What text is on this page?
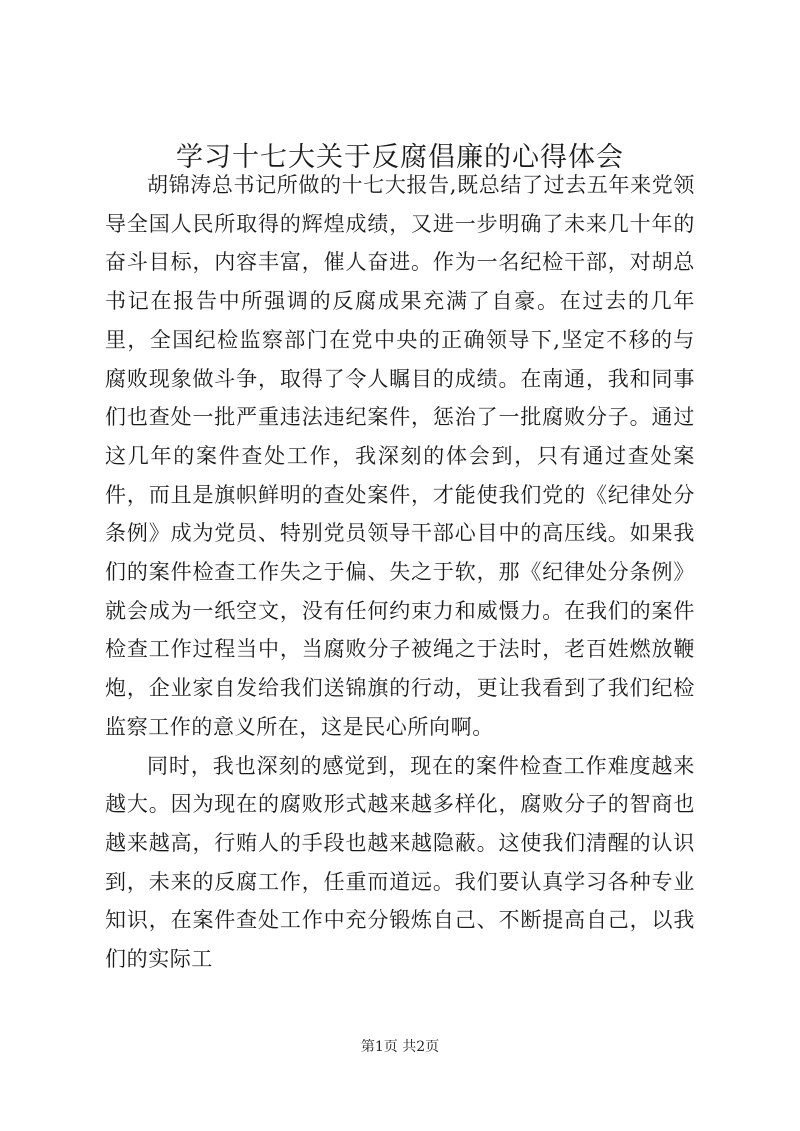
学习十七大关于反腐倡廉的心得体会

胡锦涛总书记所做的十七大报告,既总结了过去五年来党领导全国人民所取得的辉煌成绩，又进一步明确了未来几十年的奋斗目标，内容丰富，催人奋进。作为一名纪检干部，对胡总书记在报告中所强调的反腐成果充满了自豪。在过去的几年里，全国纪检监察部门在党中央的正确领导下,坚定不移的与腐败现象做斗争，取得了令人瞩目的成绩。在南通，我和同事们也查处一批严重违法违纪案件，惩治了一批腐败分子。通过这几年的案件查处工作，我深刻的体会到，只有通过查处案件，而且是旗帜鲜明的查处案件，才能使我们党的《纪律处分条例》成为党员、特别党员领导干部心目中的高压线。如果我们的案件检查工作失之于偏、失之于软，那《纪律处分条例》就会成为一纸空文，没有任何约束力和威慑力。在我们的案件检查工作过程当中，当腐败分子被绳之于法时，老百姓燃放鞭炮，企业家自发给我们送锦旗的行动，更让我看到了我们纪检监察工作的意义所在，这是民心所向啊。

同时，我也深刻的感觉到，现在的案件检查工作难度越来越大。因为现在的腐败形式越来越多样化，腐败分子的智商也越来越高，行贿人的手段也越来越隐蔽。这使我们清醒的认识到，未来的反腐工作，任重而道远。我们要认真学习各种专业知识，在案件查处工作中充分锻炼自己、不断提高自己，以我们的实际工

第1页 共2页
